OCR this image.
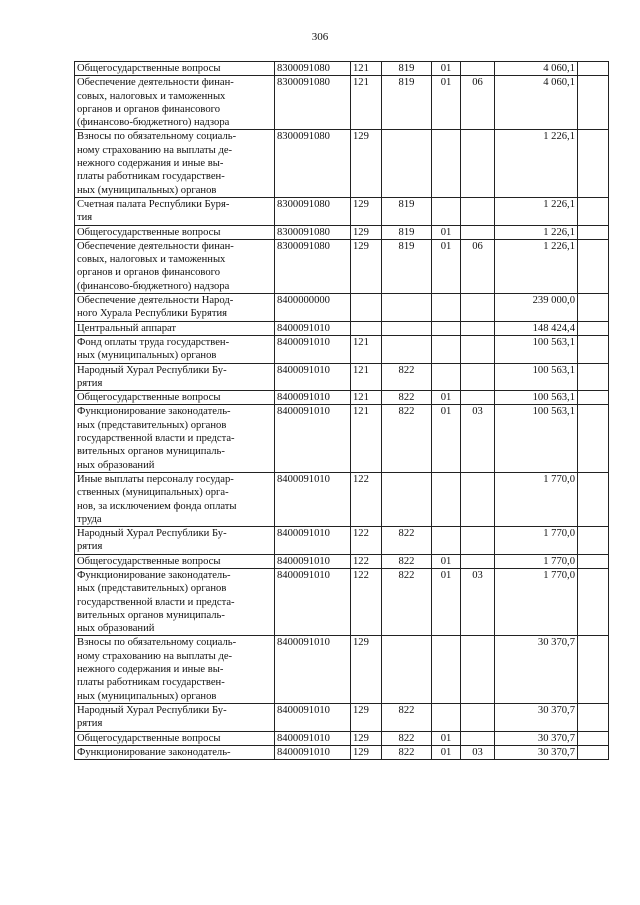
306
Общегосударственные вопросы	8300091080	121	819	01		4 060,1	
Обеспечение деятельности финан-
совых, налоговых и таможенных
органов и органов финансового
(финансово-бюджетного) надзора	8300091080	121	819	01	06	4 060,1	
Взносы по обязательному социаль-
ному страхованию на выплаты де-
нежного содержания и иные вы-
платы работникам государствен-
ных (муниципальных) органов	8300091080	129				1 226,1	
Счетная палата Республики Буря-
тия	8300091080	129	819			1 226,1	
Общегосударственные вопросы	8300091080	129	819	01		1 226,1	
Обеспечение деятельности финан-
совых, налоговых и таможенных
органов и органов финансового
(финансово-бюджетного) надзора	8300091080	129	819	01	06	1 226,1	
Обеспечение деятельности Народ-
ного Хурала Республики Бурятия	8400000000					239 000,0	
Центральный аппарат	8400091010					148 424,4	
Фонд оплаты труда государствен-
ных (муниципальных) органов	8400091010	121				100 563,1	
Народный Хурал Республики Бу-
рятия	8400091010	121	822			100 563,1	
Общегосударственные вопросы	8400091010	121	822	01		100 563,1	
Функционирование законодатель-
ных (представительных) органов
государственной власти и предста-
вительных органов муниципаль-
ных образований	8400091010	121	822	01	03	100 563,1	
Иные выплаты персоналу государ-
ственных (муниципальных) орга-
нов, за исключением фонда оплаты
труда	8400091010	122				1 770,0	
Народный Хурал Республики Бу-
рятия	8400091010	122	822			1 770,0	
Общегосударственные вопросы	8400091010	122	822	01		1 770,0	
Функционирование законодатель-
ных (представительных) органов
государственной власти и предста-
вительных органов муниципаль-
ных образований	8400091010	122	822	01	03	1 770,0	
Взносы по обязательному социаль-
ному страхованию на выплаты де-
нежного содержания и иные вы-
платы работникам государствен-
ных (муниципальных) органов	8400091010	129				30 370,7	
Народный Хурал Республики Бу-
рятия	8400091010	129	822			30 370,7	
Общегосударственные вопросы	8400091010	129	822	01		30 370,7	
Функционирование законодатель-	8400091010	129	822	01	03	30 370,7	
